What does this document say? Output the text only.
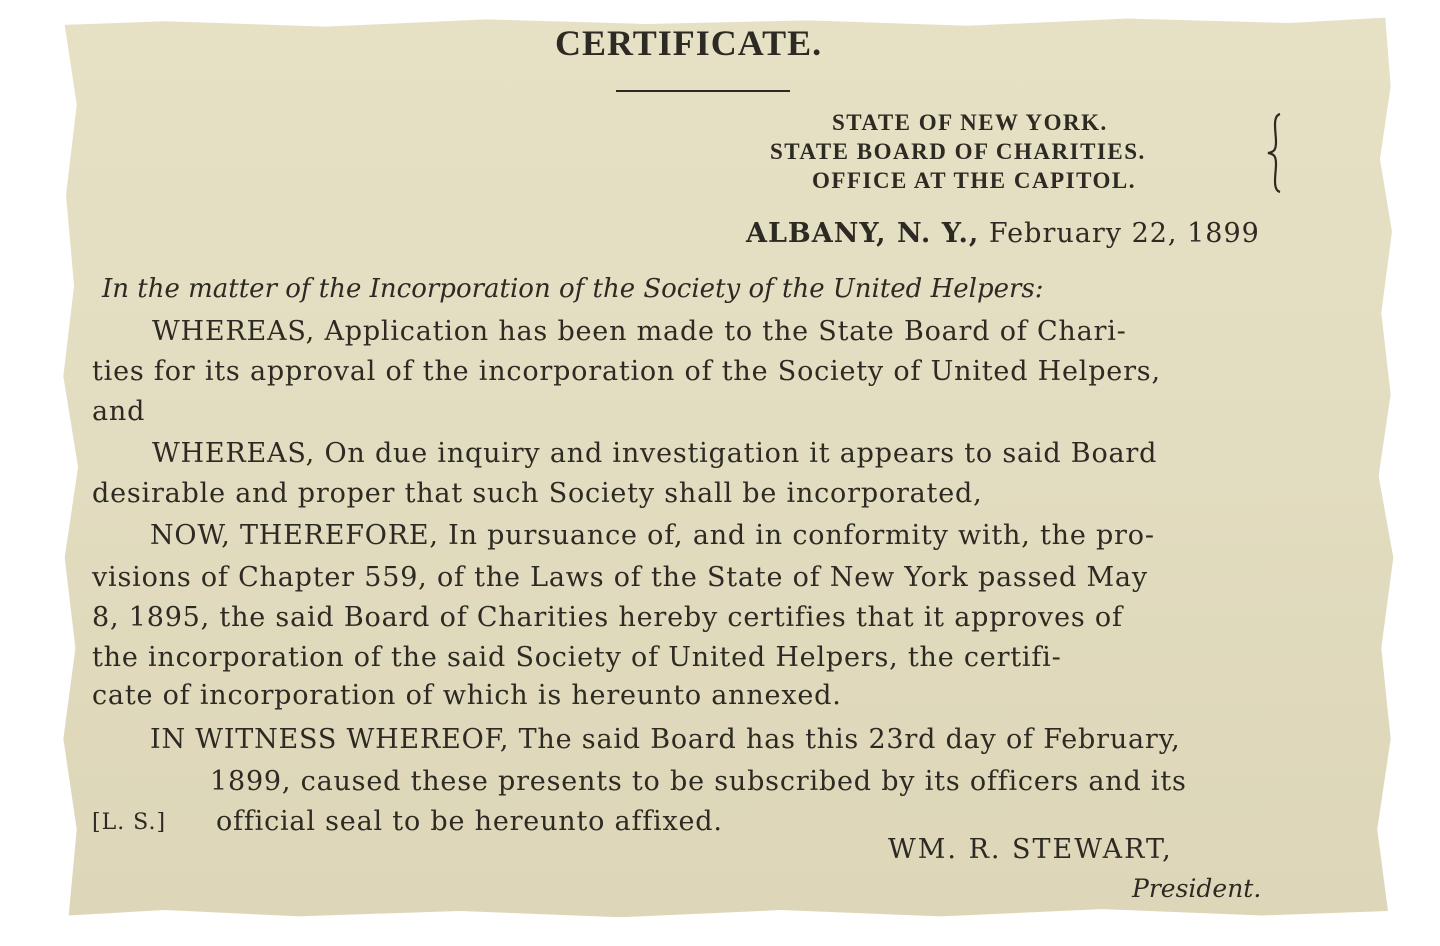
CERTIFICATE.
STATE OF NEW YORK.
STATE BOARD OF CHARITIES.
OFFICE AT THE CAPITOL.
ALBANY, N. Y., February 22, 1899
In the matter of the Incorporation of the Society of the United Helpers:
WHEREAS, Application has been made to the State Board of Chari-
ties for its approval of the incorporation of the Society of United Helpers,
and
WHEREAS, On due inquiry and investigation it appears to said Board
desirable and proper that such Society shall be incorporated,
NOW, THEREFORE, In pursuance of, and in conformity with, the pro-
visions of Chapter 559, of the Laws of the State of New York passed May
8, 1895, the said Board of Charities hereby certifies that it approves of
the incorporation of the said Society of United Helpers, the certifi-
cate of incorporation of which is hereunto annexed.
IN WITNESS WHEREOF, The said Board has this 23rd day of February,
1899, caused these presents to be subscribed by its officers and its
[L. S.] official seal to be hereunto affixed.
WM. R. STEWART,
President.
